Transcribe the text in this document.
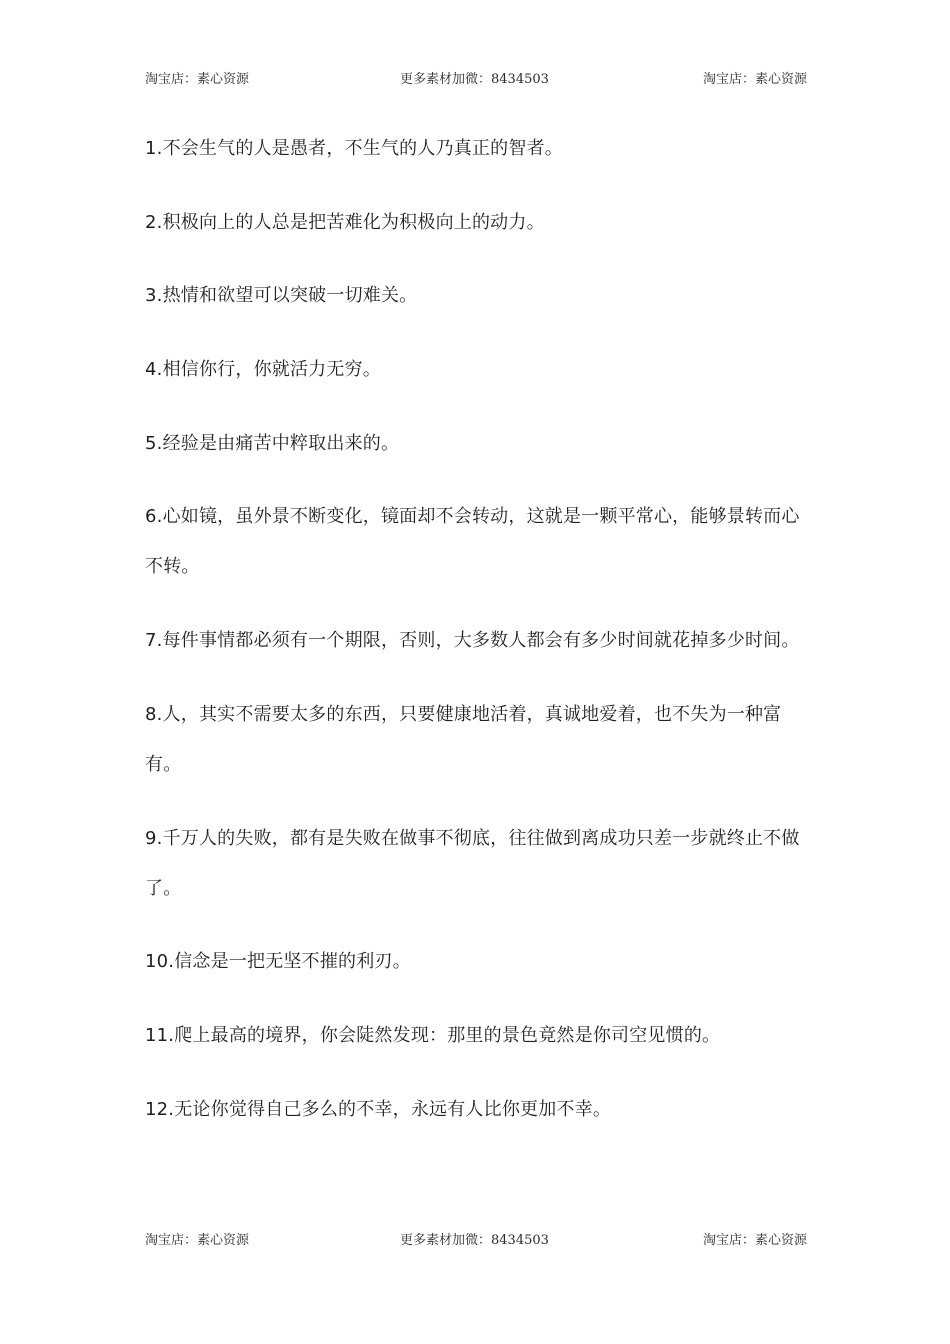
淘宝店：素心资源	更多素材加微：8434503	淘宝店：素心资源

1.不会生气的人是愚者，不生气的人乃真正的智者。

2.积极向上的人总是把苦难化为积极向上的动力。

3.热情和欲望可以突破一切难关。

4.相信你行，你就活力无穷。

5.经验是由痛苦中粹取出来的。

6.心如镜，虽外景不断变化，镜面却不会转动，这就是一颗平常心，能够景转而心不转。

7.每件事情都必须有一个期限，否则，大多数人都会有多少时间就花掉多少时间。

8.人，其实不需要太多的东西，只要健康地活着，真诚地爱着，也不失为一种富有。

9.千万人的失败，都有是失败在做事不彻底，往往做到离成功只差一步就终止不做了。

10.信念是一把无坚不摧的利刃。

11.爬上最高的境界，你会陡然发现：那里的景色竟然是你司空见惯的。

12.无论你觉得自己多么的不幸，永远有人比你更加不幸。

淘宝店：素心资源	更多素材加微：8434503	淘宝店：素心资源
